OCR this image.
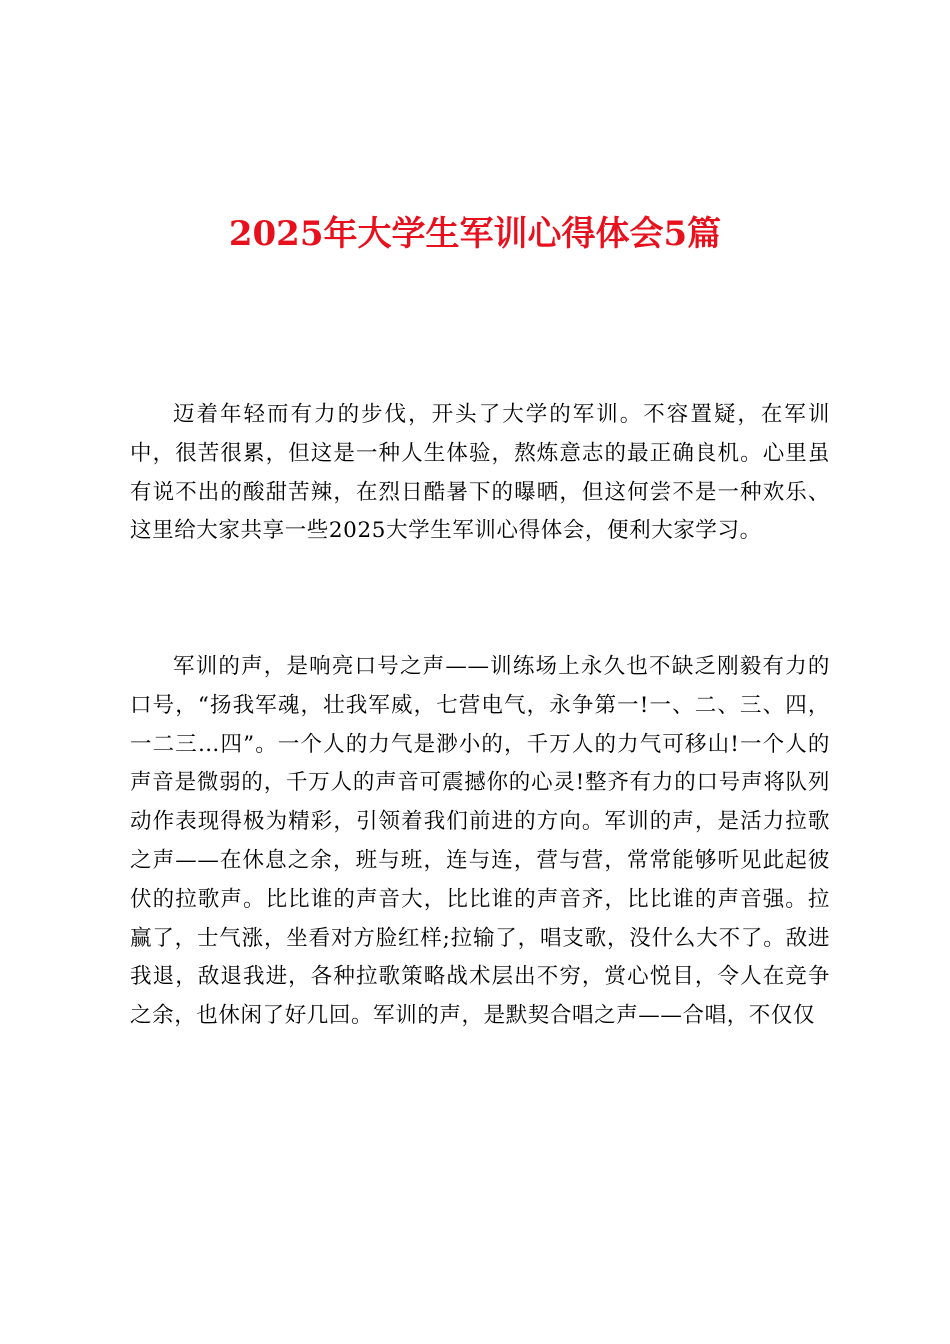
2025年大学生军训心得体会5篇

迈着年轻而有力的步伐，开头了大学的军训。不容置疑，在军训中，很苦很累，但这是一种人生体验，熬炼意志的最正确良机。心里虽有说不出的酸甜苦辣，在烈日酷暑下的曝晒，但这何尝不是一种欢乐、这里给大家共享一些2025大学生军训心得体会，便利大家学习。

军训的声，是响亮口号之声——训练场上永久也不缺乏刚毅有力的口号，“扬我军魂，壮我军威，七营电气，永争第一!一、二、三、四，一二三…四”。一个人的力气是渺小的，千万人的力气可移山!一个人的声音是微弱的，千万人的声音可震撼你的心灵!整齐有力的口号声将队列动作表现得极为精彩，引领着我们前进的方向。军训的声，是活力拉歌之声——在休息之余，班与班，连与连，营与营，常常能够听见此起彼伏的拉歌声。比比谁的声音大，比比谁的声音齐，比比谁的声音强。拉赢了，士气涨，坐看对方脸红样;拉输了，唱支歌，没什么大不了。敌进我退，敌退我进，各种拉歌策略战术层出不穷，赏心悦目，令人在竞争之余，也休闲了好几回。军训的声，是默契合唱之声——合唱，不仅仅
